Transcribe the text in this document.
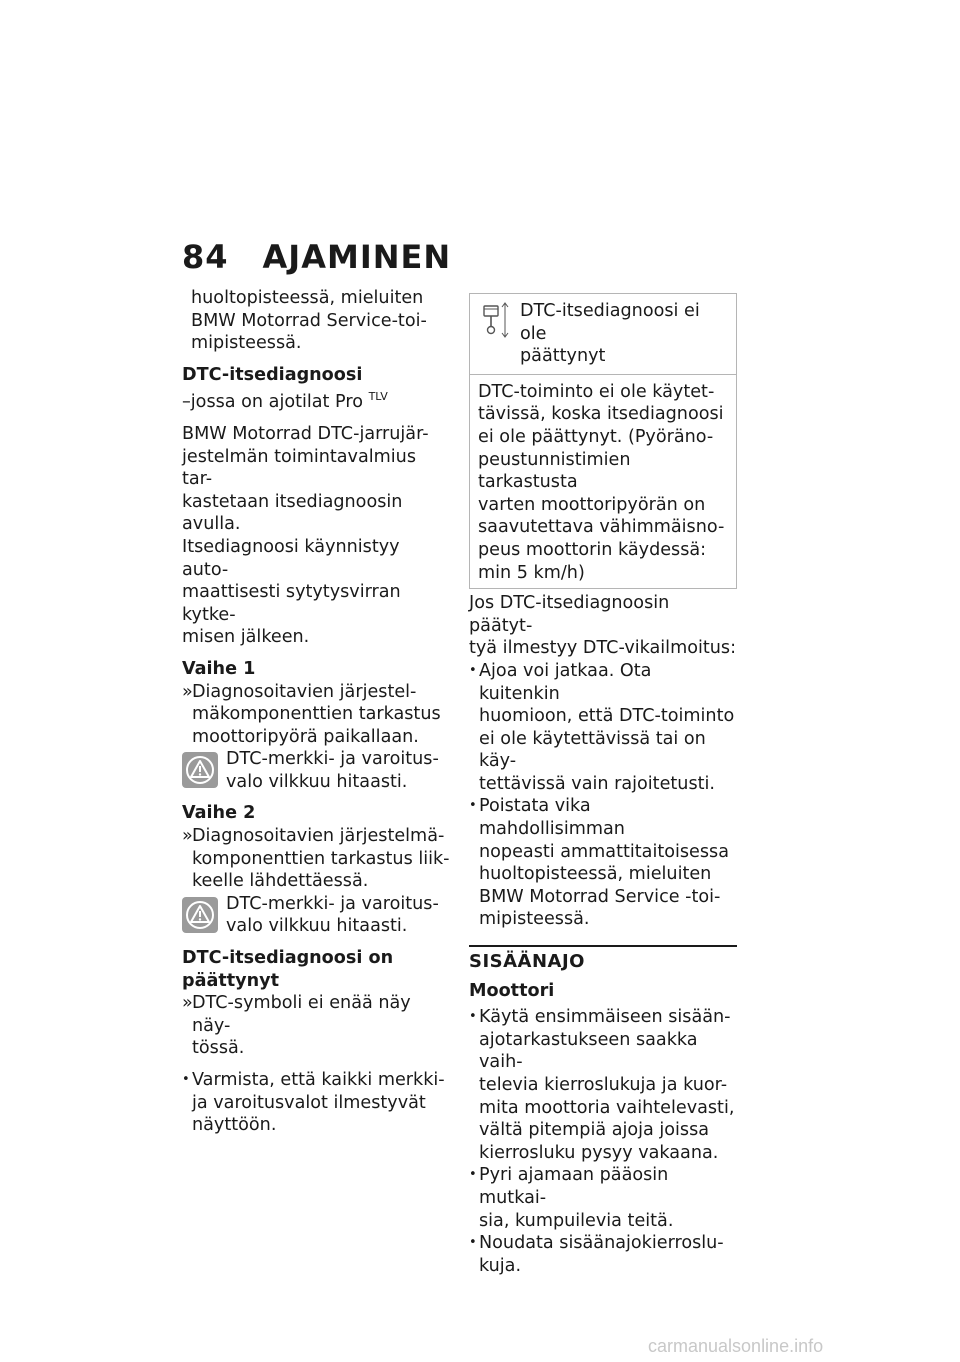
84 AJAMINEN

huoltopisteessä, mieluiten

BMW Motorrad Service-toi-

mipisteessä.

DTC-itsediagnoosi

–jossa on ajotilat Pro $^{TLV}$

BMW Motorrad DTC-jarrujär-

jestelmän toimintavalmius tar-

kastetaan itsediagnoosin avulla.

Itsediagnoosi käynnistyy auto-

maattisesti sytytysvirran kytke-

misen jälkeen.

Vaihe 1

» Diagnosoitavien järjestel-

mäkomponenttien tarkastus

moottoripyörä paikallaan.

DTC-merkki- ja varoitus-

valo vilkkuu hitaasti.

Vaihe 2

» Diagnosoitavien järjestelmä-

komponenttien tarkastus liik-

keelle lähdettäessä.

DTC-merkki- ja varoitus-

valo vilkkuu hitaasti.

DTC-itsediagnoosi on

päättynyt

» DTC-symboli ei enää näy näy-

tössä.

• Varmista, että kaikki merkki-

ja varoitusvalot ilmestyvät

näyttöön.

DTC-itsediagnoosi ei ole

päättynyt

DTC-toiminto ei ole käytet-

tävissä, koska itsediagnoosi

ei ole päättynyt. (Pyöräno-

peustunnistimien tarkastusta

varten moottoripyörän on

saavutettava vähimmäisno-

peus moottorin käydessä:

min 5 km/h)

Jos DTC-itsediagnoosin päätyt-

tyä ilmestyy DTC-vikailmoitus:

• Ajoa voi jatkaa. Ota kuitenkin

huomioon, että DTC-toiminto

ei ole käytettävissä tai on käy-

tettävissä vain rajoitetusti.

• Poistata vika mahdollisimman

nopeasti ammattitaitoisessa

huoltopisteessä, mieluiten

BMW Motorrad Service -toi-

mipisteessä.

SISÄÄNAJO

Moottori

• Käytä ensimmäiseen sisään-

ajotarkastukseen saakka vaih-

televia kierroslukuja ja kuor-

mita moottoria vaihtelevasti,

vältä pitempiä ajoja joissa

kierrosluku pysyy vakaana.

• Pyri ajamaan pääosin mutkai-

sia, kumpuilevia teitä.

• Noudata sisäänajokierroslu-

kuja.

carmanualsonline.info
